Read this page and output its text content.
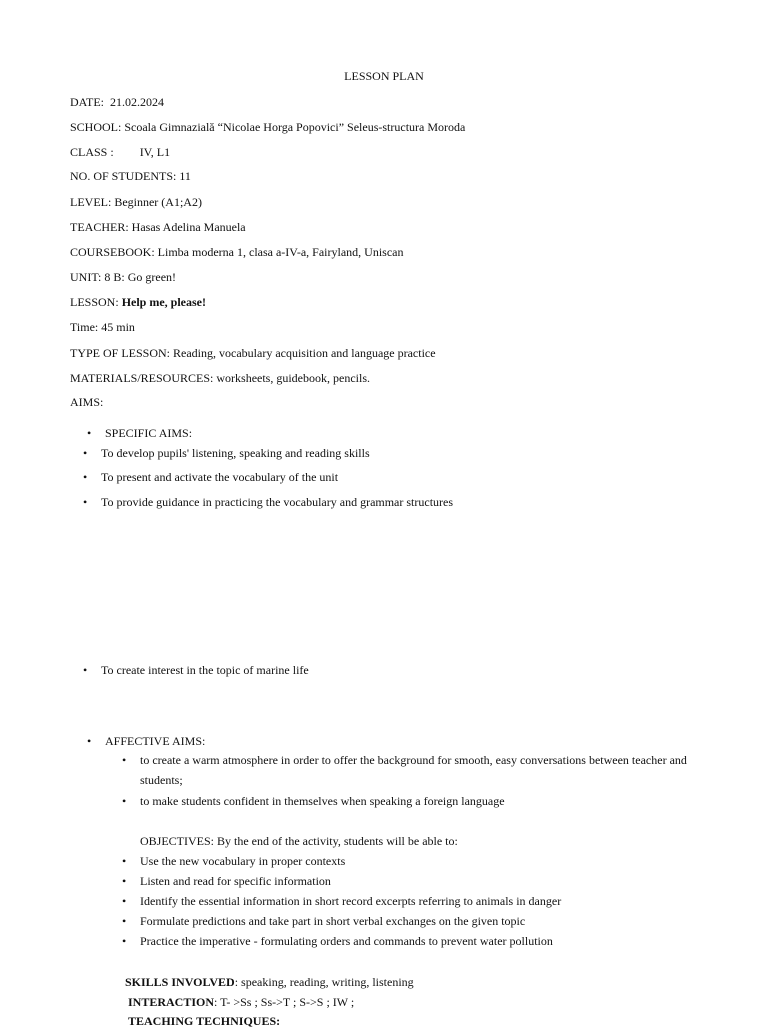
LESSON PLAN
DATE: 21.02.2024
SCHOOL: Scoala Gimnazială “Nicolae Horga Popovici” Seleus-structura Moroda
CLASS : IV, L1
NO. OF STUDENTS: 11
LEVEL: Beginner (A1;A2)
TEACHER: Hasas Adelina Manuela
COURSEBOOK: Limba moderna 1, clasa a-IV-a, Fairyland, Uniscan
UNIT: 8 B: Go green!
LESSON: Help me, please!
Time: 45 min
TYPE OF LESSON: Reading, vocabulary acquisition and language practice
MATERIALS/RESOURCES: worksheets, guidebook, pencils.
AIMS:
• SPECIFIC AIMS:
• To develop pupils' listening, speaking and reading skills
• To present and activate the vocabulary of the unit
• To provide guidance in practicing the vocabulary and grammar structures
• To create interest in the topic of marine life
• AFFECTIVE AIMS:
• to create a warm atmosphere in order to offer the background for smooth, easy conversations between teacher and
students;
• to make students confident in themselves when speaking a foreign language
OBJECTIVES: By the end of the activity, students will be able to:
• Use the new vocabulary in proper contexts
• Listen and read for specific information
• Identify the essential information in short record excerpts referring to animals in danger
• Formulate predictions and take part in short verbal exchanges on the given topic
• Practice the imperative - formulating orders and commands to prevent water pollution
SKILLS INVOLVED: speaking, reading, writing, listening
INTERACTION: T- >Ss ; Ss->T ; S->S ; IW ;
TEACHING TECHNIQUES:
